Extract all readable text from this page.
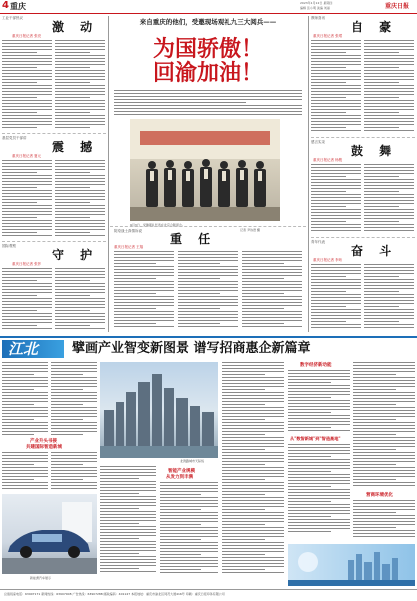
4 重庆	2023年1月12日 星期四
编辑 张小明 美编 刘丽	重庆日报
工业干部热议
激 动
重庆日报记者 张亮
基层党员干部讲
震 撼
重庆日报记者 夏元
国际观察
守 护
重庆日报记者 张莎
来自重庆的他们，受邀现场观礼九三大阅兵——
为国骄傲！
回渝加油！
9月3日，受邀观礼代表在北京合影留念。
记者 尹诗语 摄
防疫战士真情诉说
重 任
重庆日报记者 王翔
教师喜讯
自 豪
重庆日报记者 张珺
感言实录
鼓 舞
重庆日报记者 杨骏
青年代表
奋 斗
重庆日报记者 李珩
江北	擘画产业智变新图景 谱写招商惠企新篇章
产业升头书接
共建国际智造新城
新能源汽车展示
北滨路城市天际线
智能产业规模
从发力到丰满
数字经济新动能
从"数智新城"到"智造高地"
营商环境优化
总值班室电话：63907171 新闻热线：63907008 广告热线：63907288 邮政编码：401147 本报地址：重庆市渝北区同茂大道416号 印刷：重庆日报印务有限公司
